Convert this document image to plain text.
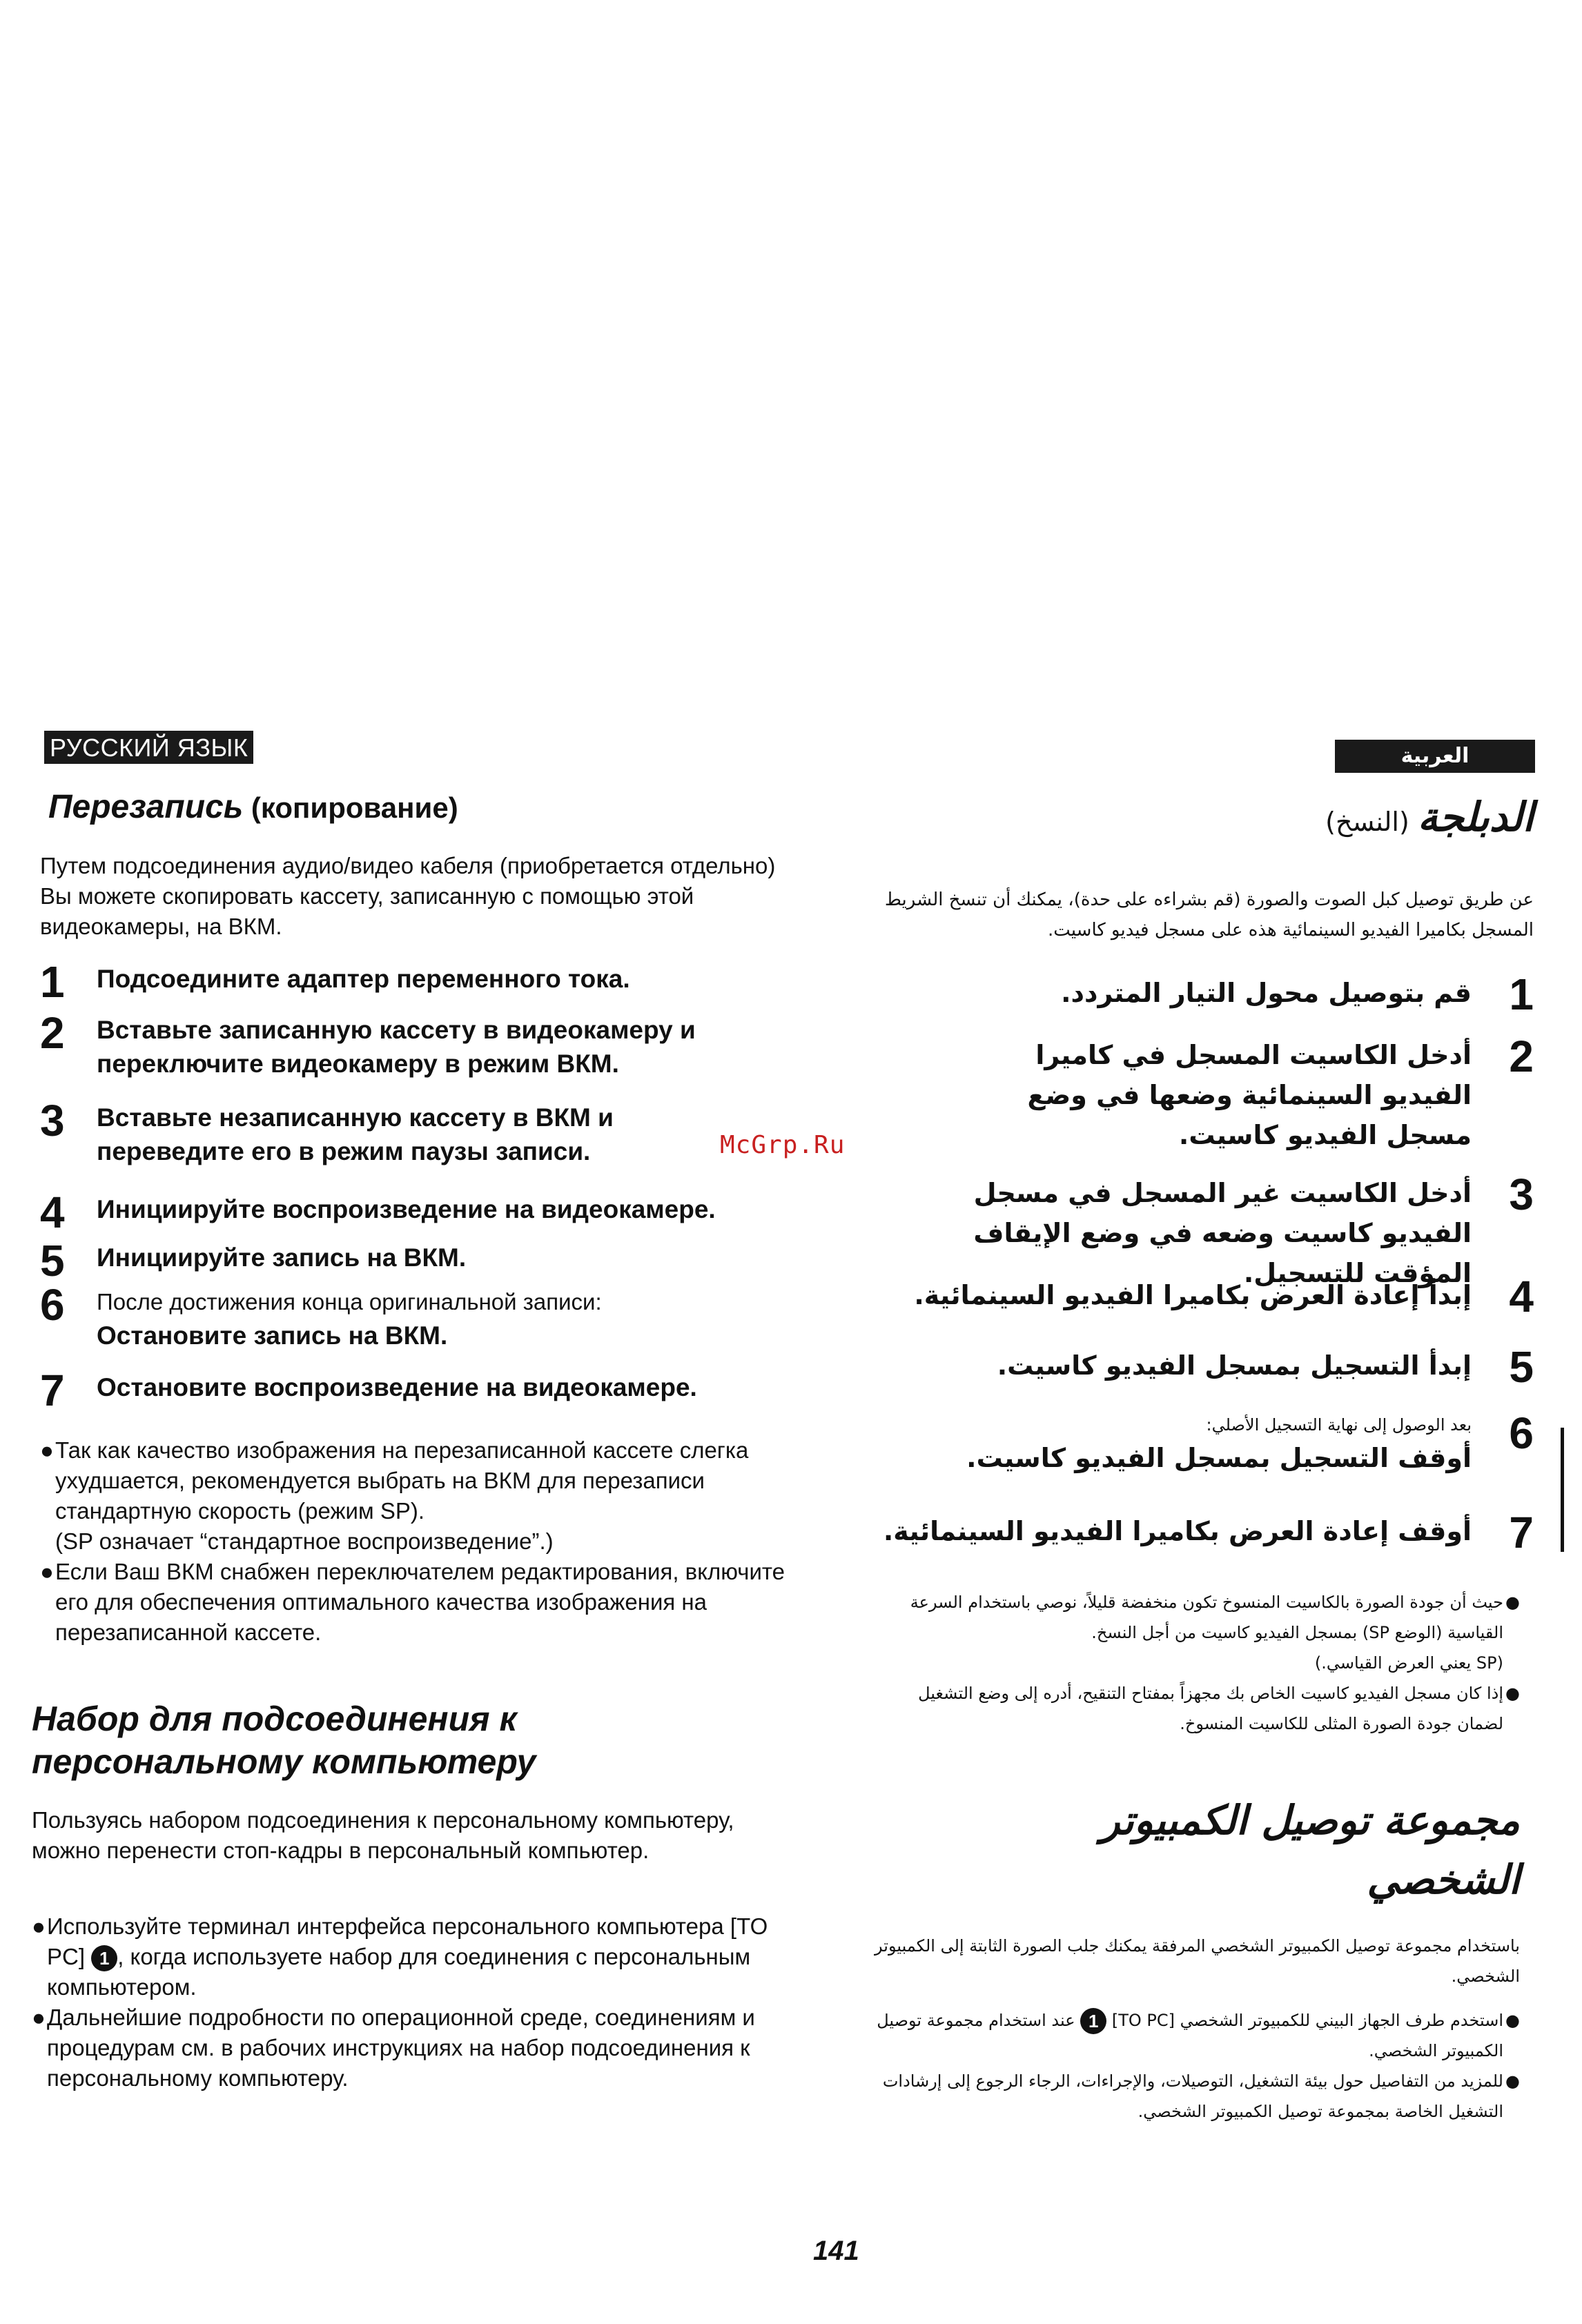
РУССКИЙ ЯЗЫК
Перезапись (копирование)
Путем подсоединения аудио/видео кабеля (приобретается отдельно) Вы можете скопировать кассету, записанную с помощью этой видеокамеры, на ВКМ.
1	Подсоедините адаптер переменного тока.
2	Вставьте записанную кассету в видеокамеру и переключите видеокамеру в режим ВКМ.
3	Вставьте незаписанную кассету в ВКМ и переведите его в режим паузы записи.
4	Инициируйте воспроизведение на видеокамере.
5	Инициируйте запись на ВКМ.
6	После достижения конца оригинальной записи:
Остановите запись на ВКМ.
7	Остановите воспроизведение на видеокамере.
● Так как качество изображения на перезаписанной кассете слегка ухудшается, рекомендуется выбрать на ВКМ для перезаписи стандартную скорость (режим SP).
(SP означает “стандартное воспроизведение”.)
● Если Ваш ВКМ снабжен переключателем редактирования, включите его для обеспечения оптимального качества изображения на перезаписанной кассете.
Набор для подсоединения к персональному компьютеру
Пользуясь набором подсоединения к персональному компьютеру, можно перенести стоп-кадры в персональный компьютер.
● Используйте терминал интерфейса персонального компьютера [TO PC] 1 , когда используете набор для соединения с персональным компьютером.
● Дальнейшие подробности по операционной среде, соединениям и процедурам см. в рабочих инструкциях на набор подсоединения к персональному компьютеру.
McGrp.Ru
العربية
الدبلجة (النسخ)
عن طريق توصيل كبل الصوت والصورة (قم بشراءه على حدة)، يمكنك أن تنسخ الشريط المسجل بكاميرا الفيديو السينمائية هذه على مسجل فيديو كاسيت.
1
قم بتوصيل محول التيار المتردد.
2
أدخل الكاسيت المسجل في كاميرا الفيديو السينمائية وضعها في وضع مسجل الفيديو كاسيت.
3
أدخل الكاسيت غير المسجل في مسجل الفيديو كاسيت وضعه في وضع الإيقاف المؤقت للتسجيل. 4
إبدأ إعادة العرض بكاميرا الفيديو السينمائية.
5
إبدأ التسجيل بمسجل الفيديو كاسيت.
6
بعد الوصول إلى نهاية التسجيل الأصلي:
أوقف التسجيل بمسجل الفيديو كاسيت.
7
أوقف إعادة العرض بكاميرا الفيديو السينمائية.
●
حيث أن جودة الصورة بالكاسيت المنسوخ تكون منخفضة قليلاً، نوصي باستخدام السرعة القياسية (الوضع SP) بمسجل الفيديو كاسيت من أجل النسخ.
(SP يعني العرض القياسي.)
●
إذا كان مسجل الفيديو كاسيت الخاص بك مجهزاً بمفتاح التنقيح، أدره إلى وضع التشغيل لضمان جودة الصورة المثلى للكاسيت المنسوخ.
مجموعة توصيل الكمبيوتر الشخصي
باستخدام مجموعة توصيل الكمبيوتر الشخصي المرفقة يمكنك جلب الصورة الثابتة إلى الكمبيوتر الشخصي.
●
استخدم طرف الجهاز البيني للكمبيوتر الشخصي [TO PC] 1 عند استخدام مجموعة توصيل الكمبيوتر الشخصي.
●
للمزيد من التفاصيل حول بيئة التشغيل، التوصيلات، والإجراءات، الرجاء الرجوع إلى إرشادات التشغيل الخاصة بمجموعة توصيل الكمبيوتر الشخصي.
141
